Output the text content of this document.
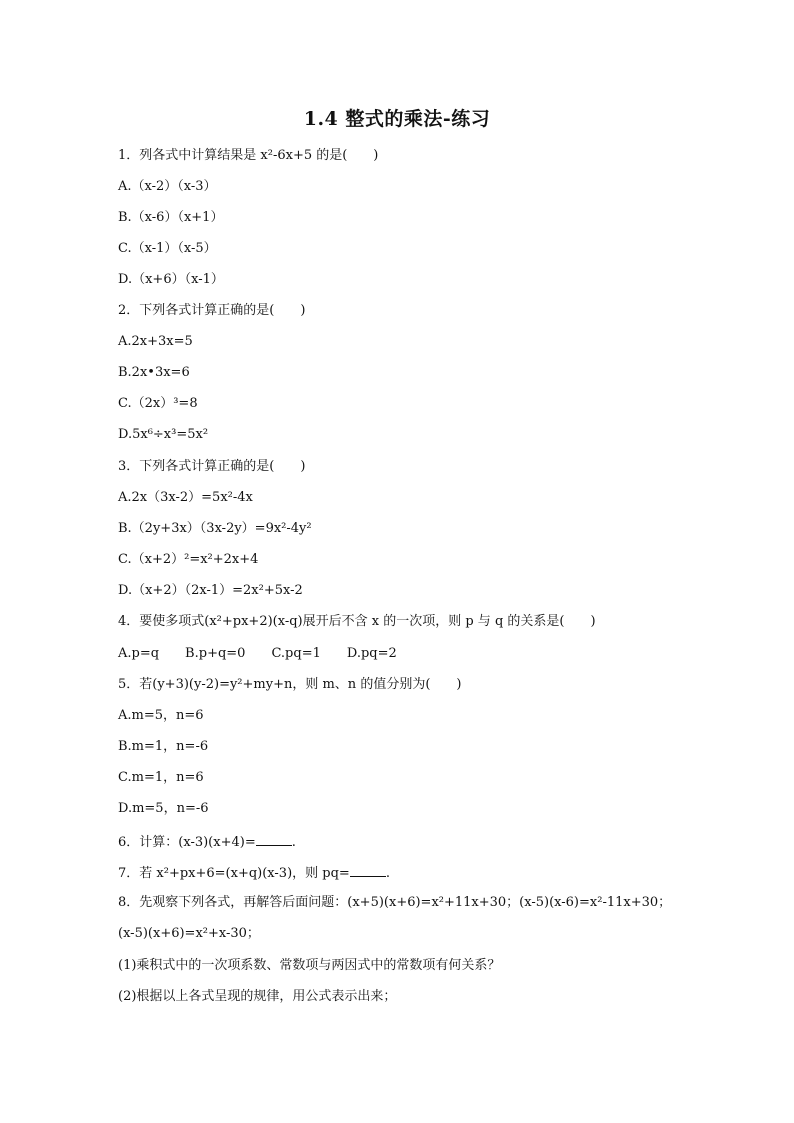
1.4 整式的乘法-练习
1．列各式中计算结果是 x²-6x+5 的是(　　)
A.（x-2）（x-3）
B.（x-6）（x+1）
C.（x-1）（x-5）
D.（x+6）（x-1）
2．下列各式计算正确的是(　　)
A.2x+3x=5
B.2x•3x=6
C.（2x）³=8
D.5x⁶÷x³=5x²
3．下列各式计算正确的是(　　)
A.2x（3x-2）=5x²-4x
B.（2y+3x）（3x-2y）=9x²-4y²
C.（x+2）²=x²+2x+4
D.（x+2）（2x-1）=2x²+5x-2
4．要使多项式(x²+px+2)(x-q)展开后不含 x 的一次项，则 p 与 q 的关系是(　　)
A.p=q　　B.p+q=0　　C.pq=1　　D.pq=2
5．若(y+3)(y-2)=y²+my+n，则 m、n 的值分别为(　　)
A.m=5，n=6
B.m=1，n=-6
C.m=1，n=6
D.m=5，n=-6
6．计算：(x-3)(x+4)=	.
7．若 x²+px+6=(x+q)(x-3)，则 pq=	.
8．先观察下列各式，再解答后面问题：(x+5)(x+6)=x²+11x+30；(x-5)(x-6)=x²-11x+30；
(x-5)(x+6)=x²+x-30；
(1)乘积式中的一次项系数、常数项与两因式中的常数项有何关系？
(2)根据以上各式呈现的规律，用公式表示出来；
